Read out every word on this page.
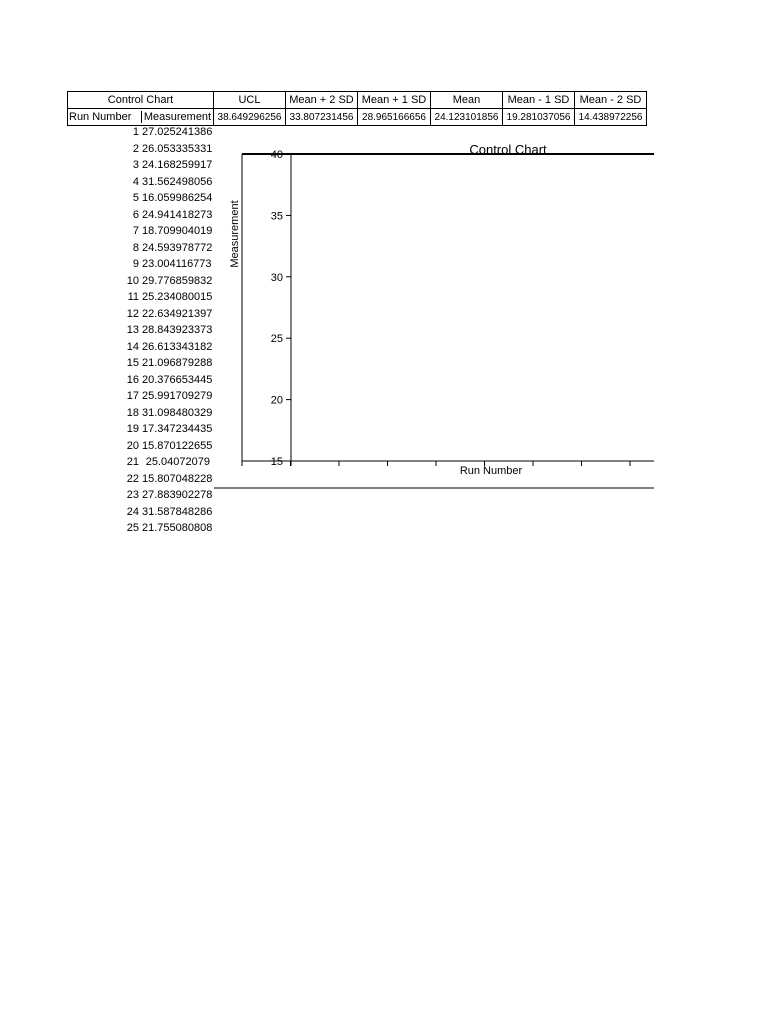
Control Chart	UCL	Mean + 2 SD	Mean + 1 SD	Mean	Mean - 1 SD	Mean - 2 SD

Run Number Measurement	38.649296256	33.807231456	28.965166656	24.123101856	19.281037056	14.438972256
1 27.025241386
2 26.053335331
3 24.168259917
4 31.562498056
5 16.059986254
6 24.941418273
7 18.709904019
8 24.593978772
9 23.004116773
10 29.776859832
11 25.234080015
12 22.634921397
13 28.843923373
14 26.613343182
15 21.096879288
16 20.376653445
17 25.991709279
18 31.098480329
19 17.347234435
20 15.870122655
21 25.04072079
22 15.807048228
23 27.883902278
24 31.587848286
25 21.755080808
Control Chart
Run Number
Measurement
40
35
30
25
20
15
